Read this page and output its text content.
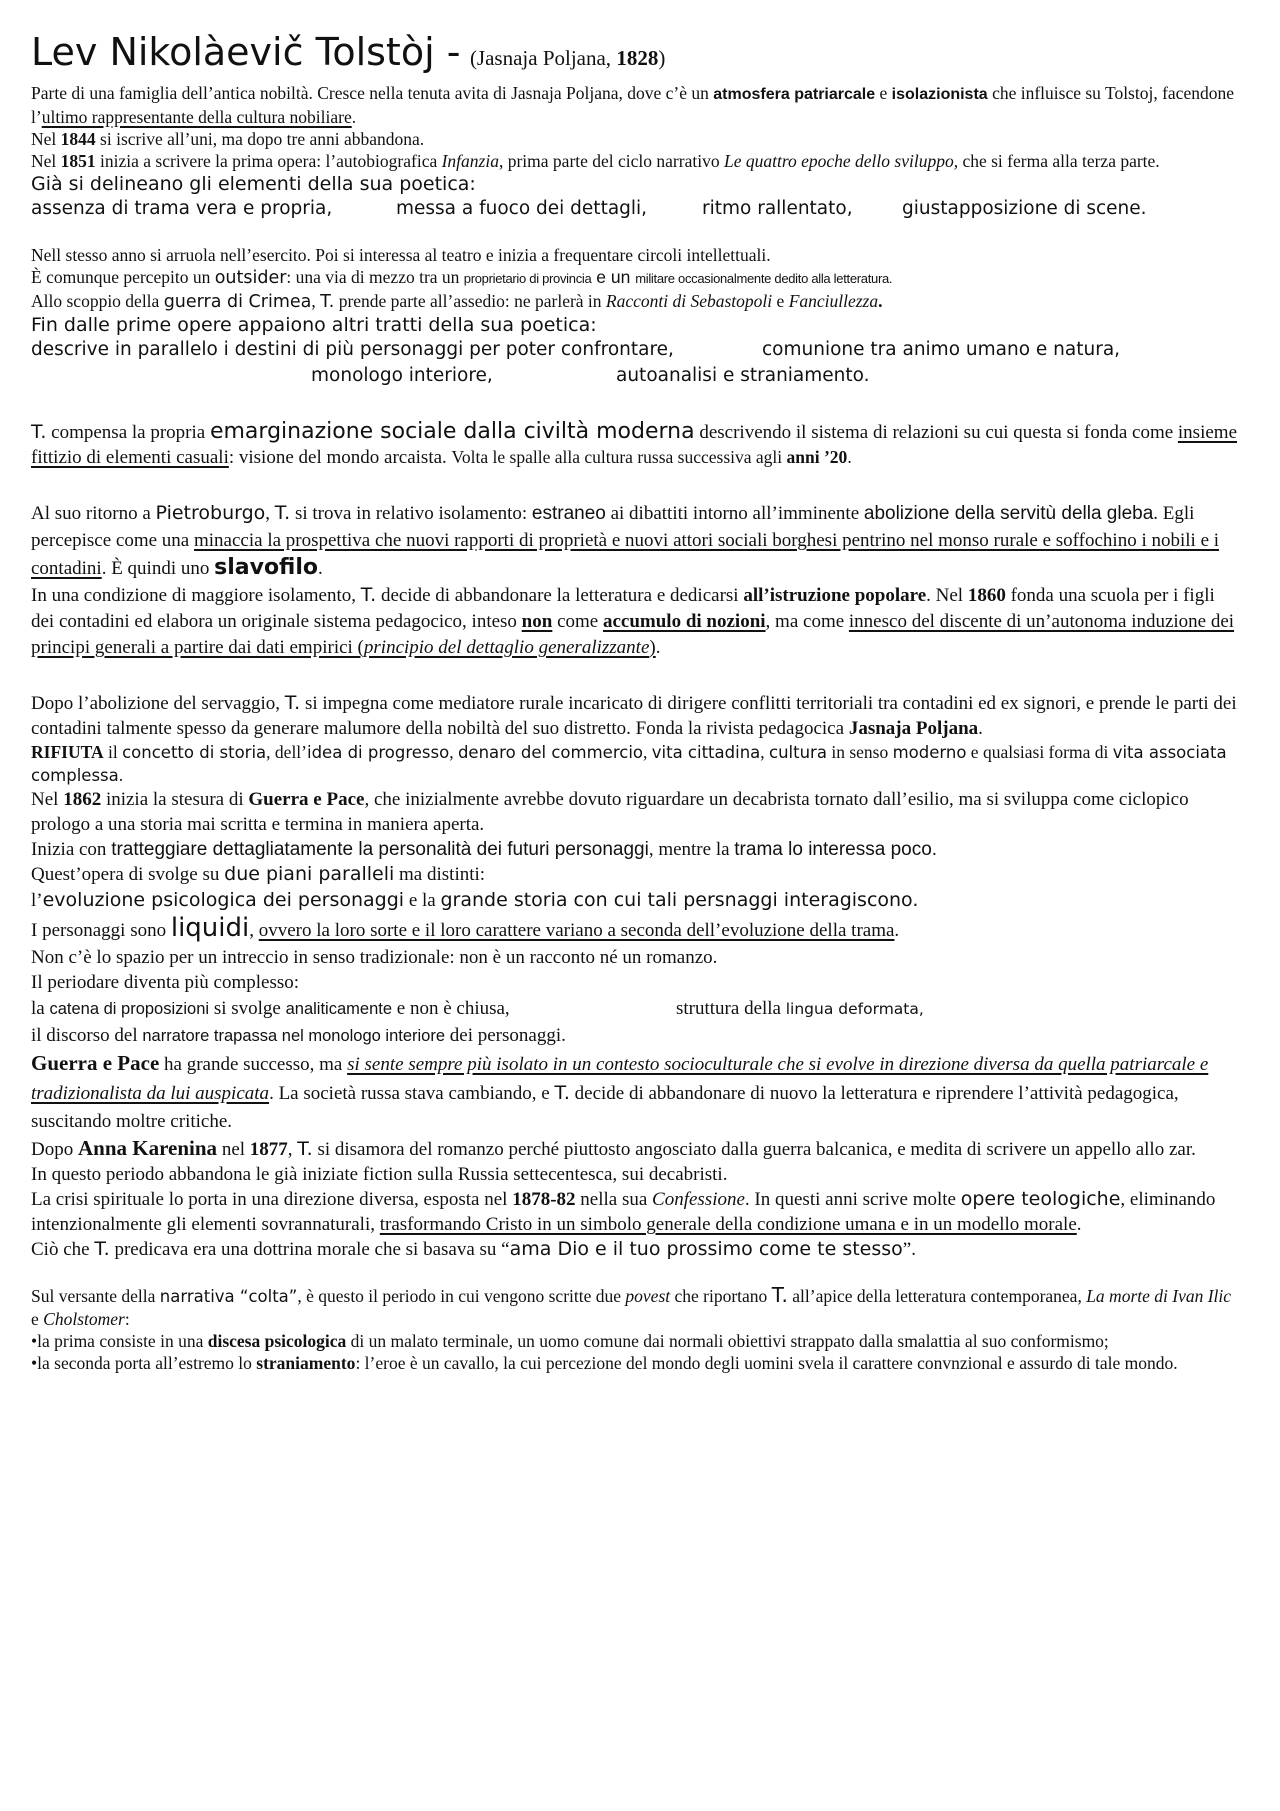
Lev Nikolàevič Tolstòj - (Jasnaja Poljana, 1828)

Parte di una famiglia dell’antica nobiltà. Cresce nella tenuta avita di Jasnaja Poljana, dove c’è un atmosfera patriarcale e isolazionista che influisce su Tolstoj, facendone l’ultimo rappresentante della cultura nobiliare.

Nel 1844 si iscrive all’uni, ma dopo tre anni abbandona.

Nel 1851 inizia a scrivere la prima opera: l’autobiografica Infanzia, prima parte del ciclo narrativo Le quattro epoche dello sviluppo, che si ferma alla terza parte.

Già si delineano gli elementi della sua poetica:

assenza di trama vera e propria,	messa a fuoco dei dettagli,	ritmo rallentato,	giustapposizione di scene.

Nell stesso anno si arruola nell’esercito. Poi si interessa al teatro e inizia a frequentare circoli intellettuali.

È comunque percepito un outsider: una via di mezzo tra un proprietario di provincia e un militare occasionalmente dedito alla letteratura.

Allo scoppio della guerra di Crimea, T. prende parte all’assedio: ne parlerà in Racconti di Sebastopoli e Fanciullezza.

Fin dalle prime opere appaiono altri tratti della sua poetica:

descrive in parallelo i destini di più personaggi per poter confrontare,	comunione tra animo umano e natura,
monologo interiore,	autoanalisi e straniamento.

T. compensa la propria emarginazione sociale dalla civiltà moderna descrivendo il sistema di relazioni su cui questa si fonda come insieme fittizio di elementi casuali: visione del mondo arcaista. Volta le spalle alla cultura russa successiva agli anni ’20.

Al suo ritorno a Pietroburgo, T. si trova in relativo isolamento: estraneo ai dibattiti intorno all’imminente abolizione della servitù della gleba. Egli percepisce come una minaccia la prospettiva che nuovi rapporti di proprietà e nuovi attori sociali borghesi pentrino nel monso rurale e soffochino i nobili e i contadini. È quindi uno slavofilo.

In una condizione di maggiore isolamento, T. decide di abbandonare la letteratura e dedicarsi all’istruzione popolare. Nel 1860 fonda una scuola per i figli dei contadini ed elabora un originale sistema pedagocico, inteso non come accumulo di nozioni, ma come innesco del discente di un’autonoma induzione dei principi generali a partire dai dati empirici (principio del dettaglio generalizzante).

Dopo l’abolizione del servaggio, T. si impegna come mediatore rurale incaricato di dirigere conflitti territoriali tra contadini ed ex signori, e prende le parti dei contadini talmente spesso da generare malumore della nobiltà del suo distretto. Fonda la rivista pedagocica Jasnaja Poljana.

RIFIUTA il concetto di storia, dell’idea di progresso, denaro del commercio, vita cittadina, cultura in senso moderno e qualsiasi forma di vita associata complessa.

Nel 1862 inizia la stesura di Guerra e Pace, che inizialmente avrebbe dovuto riguardare un decabrista tornato dall’esilio, ma si sviluppa come ciclopico prologo a una storia mai scritta e termina in maniera aperta.

Inizia con tratteggiare dettagliatamente la personalità dei futuri personaggi, mentre la trama lo interessa poco.

Quest’opera di svolge su due piani paralleli ma distinti:

l’evoluzione psicologica dei personaggi e la grande storia con cui tali persnaggi interagiscono.

I personaggi sono liquidi, ovvero la loro sorte e il loro carattere variano a seconda dell’evoluzione della trama.

Non c’è lo spazio per un intreccio in senso tradizionale: non è un racconto né un romanzo.

Il periodare diventa più complesso:

la catena di proposizioni si svolge analiticamente e non è chiusa,	struttura della lingua deformata,

il discorso del narratore trapassa nel monologo interiore dei personaggi.

Guerra e Pace ha grande successo, ma si sente sempre più isolato in un contesto socioculturale che si evolve in direzione diversa da quella patriarcale e tradizionalista da lui auspicata. La società russa stava cambiando, e T. decide di abbandonare di nuovo la letteratura e riprendere l’attività pedagogica, suscitando moltre critiche.

Dopo Anna Karenina nel 1877, T. si disamora del romanzo perché piuttosto angosciato dalla guerra balcanica, e medita di scrivere un appello allo zar.

In questo periodo abbandona le già iniziate fiction sulla Russia settecentesca, sui decabristi.

La crisi spirituale lo porta in una direzione diversa, esposta nel 1878-82 nella sua Confessione. In questi anni scrive molte opere teologiche, eliminando intenzionalmente gli elementi sovrannaturali, trasformando Cristo in un simbolo generale della condizione umana e in un modello morale.

Ciò che T. predicava era una dottrina morale che si basava su “ama Dio e il tuo prossimo come te stesso”.

Sul versante della narrativa “colta”, è questo il periodo in cui vengono scritte due povest che riportano T. all’apice della letteratura contemporanea, La morte di Ivan Ilic e Cholstomer:

•la prima consiste in una discesa psicologica di un malato terminale, un uomo comune dai normali obiettivi strappato dalla smalattia al suo conformismo;

•la seconda porta all’estremo lo straniamento: l’eroe è un cavallo, la cui percezione del mondo degli uomini svela il carattere convnzional e assurdo di tale mondo.
